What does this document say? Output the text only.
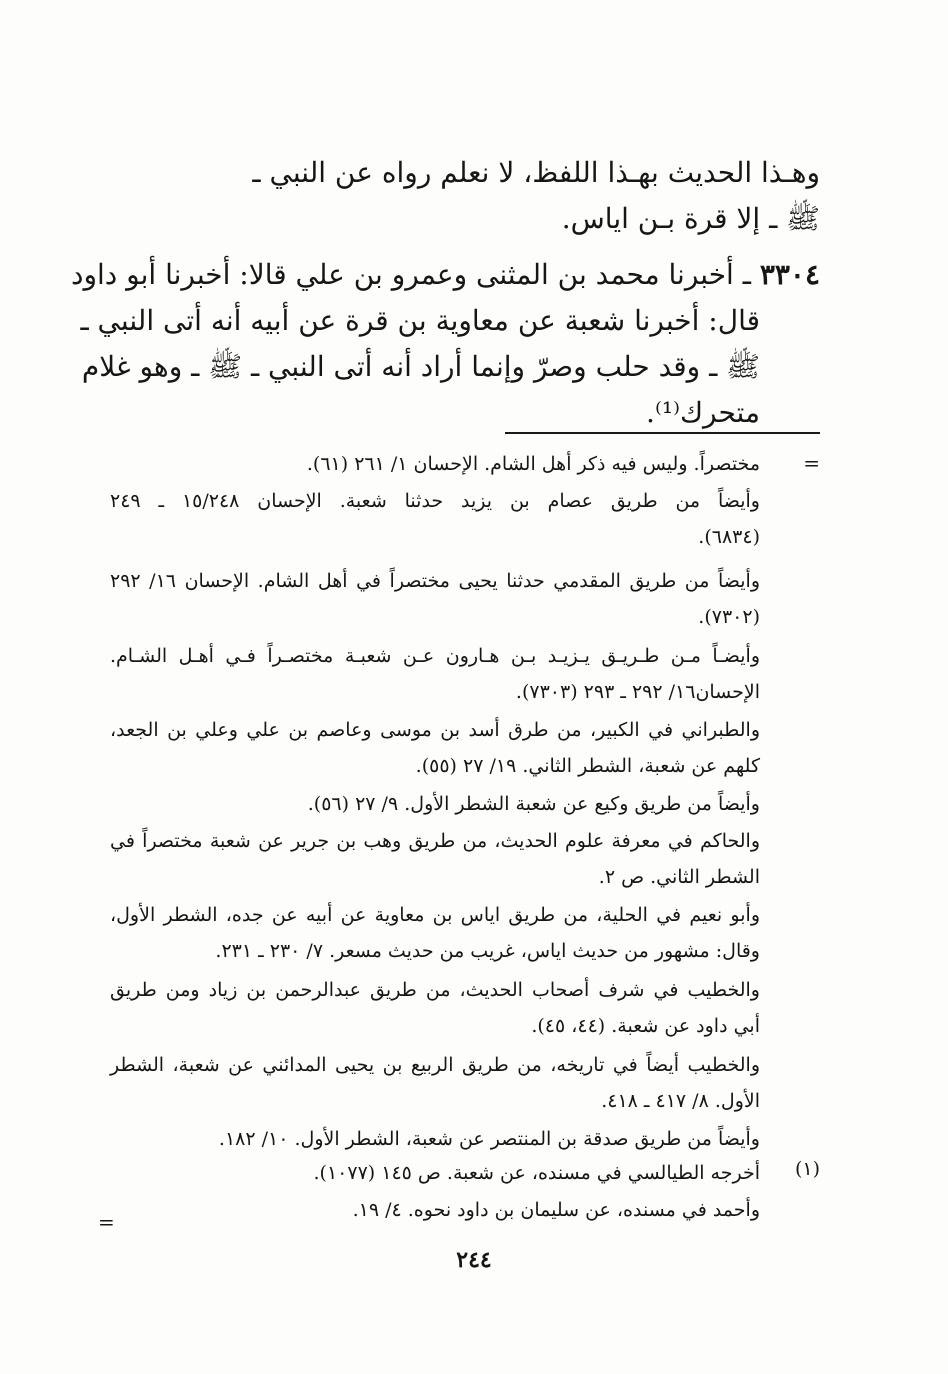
وهـذا الحديث بهـذا اللفظ، لا نعلم رواه عن النبي ـ

ﷺ ـ إلا قرة بـن اياس.

٣٣٠٤ ـ أخبرنا محمد بن المثنى وعمرو بن علي قالا: أخبرنا أبو داود

قال: أخبرنا شعبة عن معاوية بن قرة عن أبيه أنه أتى النبي ـ

ﷺ ـ وقد حلب وصرّ وإنما أراد أنه أتى النبي ـ ﷺ ـ وهو غلام

متحرك⁽¹⁾.

=
مختصراً. وليس فيه ذكر أهل الشام. الإحسان ١/ ٢٦١ (٦١).
وأيضاً من طريق عصام بن يزيد حدثنا شعبة. الإحسان ١٥/٢٤٨ ـ ٢٤٩
(٦٨٣٤).
وأيضاً من طريق المقدمي حدثنا يحيى مختصراً في أهل الشام. الإحسان ١٦/ ٢٩٢
(٧٣٠٢).
وأيضـاً مـن طـريـق يـزيـد بـن هـارون عـن شعبـة مختصـراً فـي أهـل الشـام.
الإحسان١٦/ ٢٩٢ ـ ٢٩٣ (٧٣٠٣).
والطبراني في الكبير، من طرق أسد بن موسى وعاصم بن علي وعلي بن الجعد،
كلهم عن شعبة، الشطر الثاني. ١٩/ ٢٧ (٥٥).
وأيضاً من طريق وكيع عن شعبة الشطر الأول. ٩/ ٢٧ (٥٦).
والحاكم في معرفة علوم الحديث، من طريق وهب بن جرير عن شعبة مختصراً في
الشطر الثاني. ص ٢.
وأبو نعيم في الحلية، من طريق اياس بن معاوية عن أبيه عن جده، الشطر الأول،
وقال: مشهور من حديث اياس، غريب من حديث مسعر. ٧/ ٢٣٠ ـ ٢٣١.
والخطيب في شرف أصحاب الحديث، من طريق عبدالرحمن بن زياد ومن طريق
أبي داود عن شعبة. (٤٤، ٤٥).
والخطيب أيضاً في تاريخه، من طريق الربيع بن يحيى المدائني عن شعبة، الشطر
الأول. ٨/ ٤١٧ ـ ٤١٨.
وأيضاً من طريق صدقة بن المنتصر عن شعبة، الشطر الأول. ١٠/ ١٨٢.
(١)
أخرجه الطيالسي في مسنده، عن شعبة. ص ١٤٥ (١٠٧٧).
وأحمد في مسنده، عن سليمان بن داود نحوه. ٤/ ١٩.
=
٢٤٤
